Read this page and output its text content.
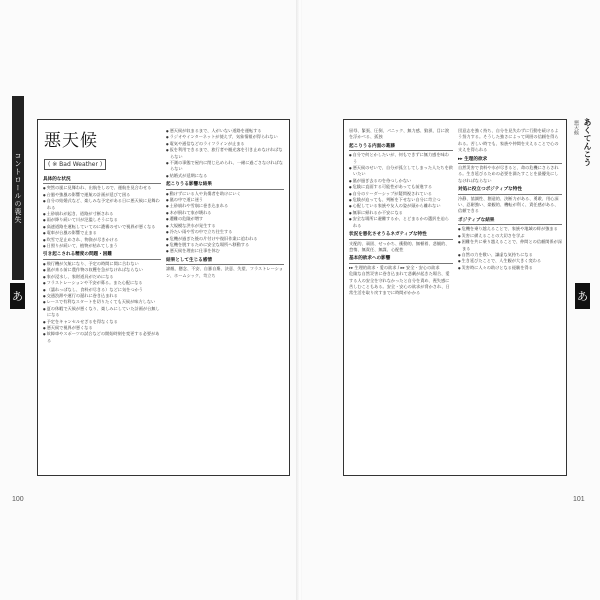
コントロールの喪失
あ
悪天候
( ※ Bad Weather )
具体的な状況
● 突然の嵐に見舞われ、出航をしので、運航を見合わせる
● 台風や強風の影響で運航の計画が延びて困る
● 自分の結婚式など、楽しみな予定がある日に悪天候に見舞われる
● 土砂崩れが起き、道路が寸断される
● 雨が降り続いて川が氾濫しそうになる
● 高速道路を運転していてのに濃霧のせいで視界が悪くなる
● 電車が台風の影響で止まる
● 吹雪で足止めされ、物資が尽きかける
● 日照りが続いて、植物が枯れてしまう
引き起こされる精度の問題・困難
● 飛行機が欠航になり、予定の時間に間に合わない
● 嵐が来る前に農作物の収穫を急がなければならない
● 家が浸水し、家財道具がだめになる
● フラストレーションや不安が募る。また心配になる
● （濡れっぱなし、食料が尽きる）などに気をつかう
● 交通渋滞や運行の遅れに巻き込まれる
● レースで有利なスタートを切りたくても天候が味方しない
● 夏の休暇で天候が悪くなり、楽しみにしていた計画が台無しになる
● 予定をキャンセルせざるを得なくなる
● 悪天候で視界が悪くなる
● 故障車やスポーツの試合などの開始時刻を変更する必要がある
● 悪天候が収まるまで、人がいない道路を運転する
● ラジオやインターネットが使えず、気象情報が得られない
● 電気や通信などのライフラインが止まる
● 仮を利用できるまで、旅行者や観光客を引き止めなければならない
● 不測の事態で屋内に閉じ込められ、一緒に過ごさなければならない
● 結婚式が延期になる
起こりうる影響な結果
● 動けずにいる人や負傷者を助けにいく
● 嵐の中で道に迷う
● 土砂崩れや雪崩に巻き込まれる
● 木が倒れて家が壊れる
● 遭難の危険が増す
● 大規模な洪水が発生する
● 冷たい雨や雪の中で立ち往生する
● 危機が過ぎた後の片付けや復旧作業に追われる
● 危機を脱するために安全な場所へ移動する
● 悪天候を理由に仕事を休む
結果として生じる感情
諦観、懸念、不安、自暴自棄、決意、失望、フラストレーション、ホームシック、苛立ち
100
屈辱、緊張、圧倒、パニック、無力感、狼狽、目に涙を浮かべる、孤独
起こりうる内面の葛藤
● 自分で何とかしたいが、何もできずに無力感を味わう
● 悪天候のせいで、自分が孤立してしまった人たちを救いたい
● 嵐が過ぎ去るのを待つしかない
● 危険に直面する可能性があっても前進する
● 自分のリーダーシップが疑問視されている
● 危険が迫っても、判断を下せない自分に苛立つ
● 心配している家族や友人の姿が頭から離れない
● 無事に帰れるか不安になる
● 安全な場所に避難するか、とどまるかの選択を迫られる
状況を悪化させうるネガティブな特性
支配的、頑固、せっかち、衝動的、無頓着、悲観的、怠惰、無責任、無謀、心配性
基本的欲求への影響
▸▸ 生理的欲求・愛の欲求 / ▸▸ 安全・安心の欲求
危険な自然災害に巻き込まれて悲劇が起きた場合、愛する人の安全を守れなかったと自分を責め、喪失感に苦しむこともある。安全・安心の欲求が脅かされ、日常生活を取り戻すまでに時間がかかる
団意志を強く持ち、自分を見失わずに行動を続けるよう努力する。そうした強さによって周囲の信頼を得られる。苦しい時でも、家族や仲間を支えることで心の支えを得られる
▸▸ 生理的欲求
自然災害で食料や水が尽きると、命の危機にさらされる。生き延びるための必要を満たすことを最優先にしなければならない
対処に役立つポジティブな特性
冷静、協調性、創造的、決断力がある、勇敢、用心深い、忍耐強い、楽観的、機転が利く、責任感がある、信頼できる
ポジティブな結果
● 危機を乗り越えることで、家族や地域の絆が強まる
● 災害に備えることの大切さを学ぶ
● 困難を共に乗り越えることで、仲間との信頼関係が深まる
● 自然の力を敬い、謙虚な気持ちになる
● 生き延びたことで、人生観が大きく変わる
● 災害時に人々の助けとなる経験を得る
あくてんこう
悪天候
あ
101
